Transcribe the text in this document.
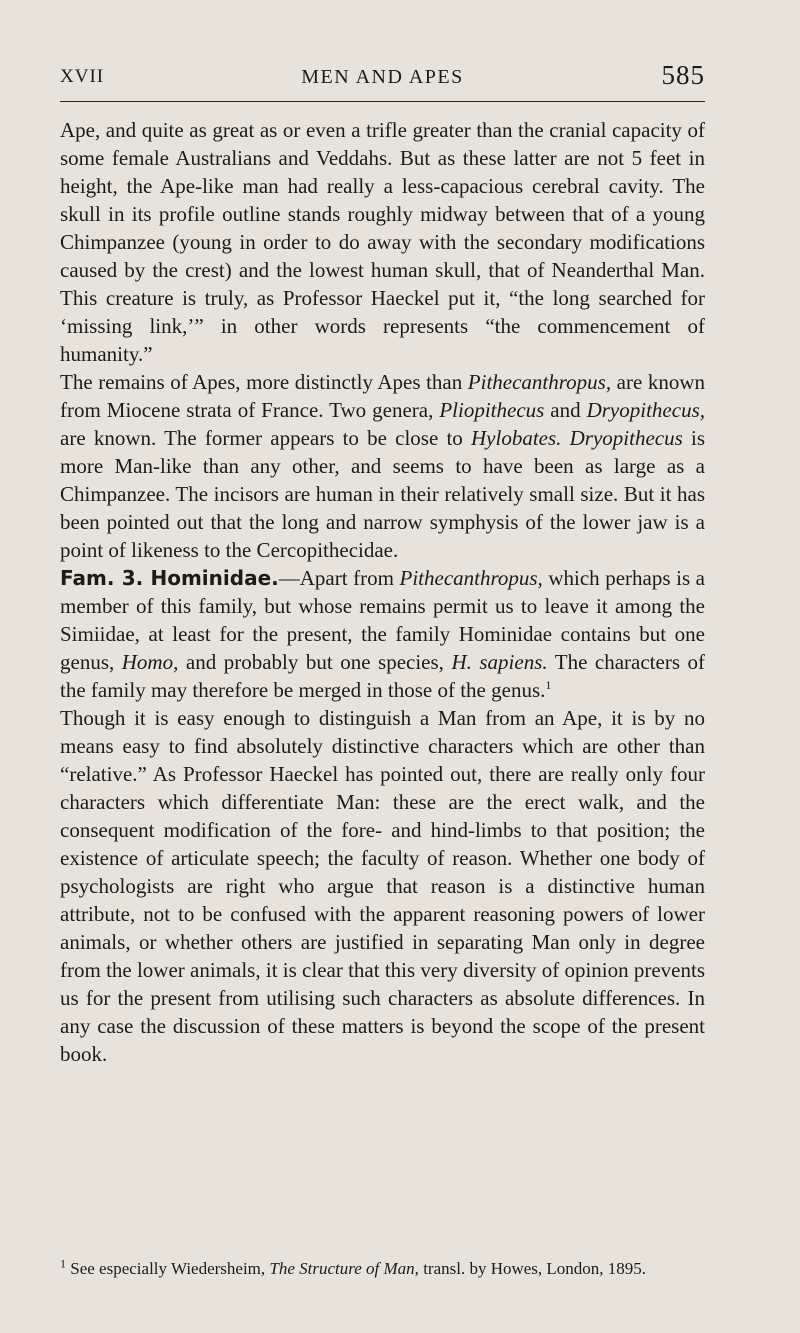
XVII	MEN AND APES	585

Ape, and quite as great as or even a trifle greater than the cranial capacity of some female Australians and Veddahs. But as these latter are not 5 feet in height, the Ape-like man had really a less-capacious cerebral cavity. The skull in its profile outline stands roughly midway between that of a young Chimpanzee (young in order to do away with the secondary modifications caused by the crest) and the lowest human skull, that of Neanderthal Man. This creature is truly, as Professor Haeckel put it, “the long searched for ‘missing link,’” in other words represents “the commencement of humanity.”

The remains of Apes, more distinctly Apes than Pithecanthropus, are known from Miocene strata of France. Two genera, Pliopithecus and Dryopithecus, are known. The former appears to be close to Hylobates. Dryopithecus is more Man-like than any other, and seems to have been as large as a Chimpanzee. The incisors are human in their relatively small size. But it has been pointed out that the long and narrow symphysis of the lower jaw is a point of likeness to the Cercopithecidae.

Fam. 3. Hominidae.—Apart from Pithecanthropus, which perhaps is a member of this family, but whose remains permit us to leave it among the Simiidae, at least for the present, the family Hominidae contains but one genus, Homo, and probably but one species, H. sapiens. The characters of the family may therefore be merged in those of the genus.$^1$

Though it is easy enough to distinguish a Man from an Ape, it is by no means easy to find absolutely distinctive characters which are other than “relative.” As Professor Haeckel has pointed out, there are really only four characters which differentiate Man: these are the erect walk, and the consequent modification of the fore- and hind-limbs to that position; the existence of articulate speech; the faculty of reason. Whether one body of psychologists are right who argue that reason is a distinctive human attribute, not to be confused with the apparent reasoning powers of lower animals, or whether others are justified in separating Man only in degree from the lower animals, it is clear that this very diversity of opinion prevents us for the present from utilising such characters as absolute differences. In any case the discussion of these matters is beyond the scope of the present book.

$^1$ See especially Wiedersheim, The Structure of Man, transl. by Howes, London, 1895.
